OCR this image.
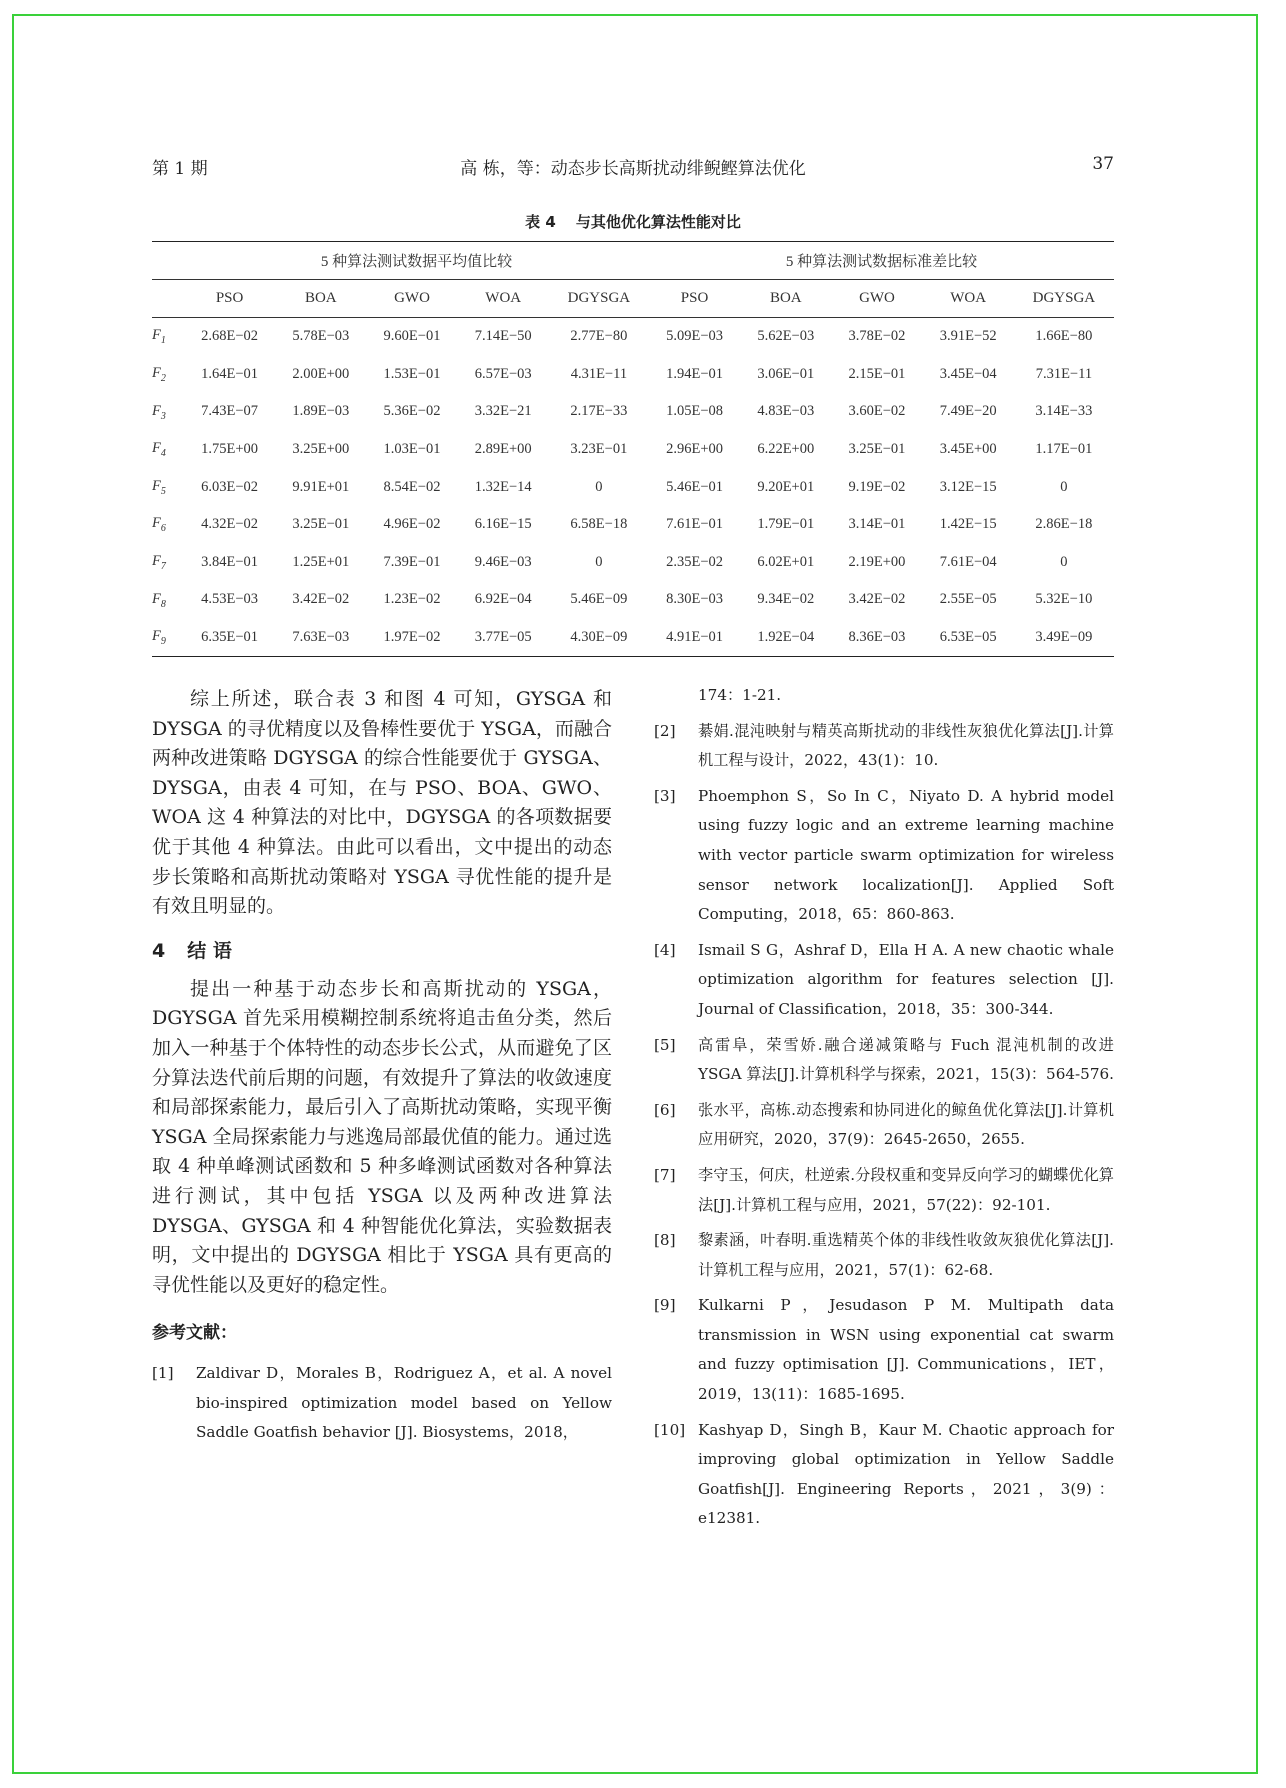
第 1 期	高 栋，等：动态步长高斯扰动绯鲵鲣算法优化	37
表 4 与其他优化算法性能对比
	5 种算法测试数据平均值比较					5 种算法测试数据标准差比较				
	PSO	BOA	GWO	WOA	DGYSGA	PSO	BOA	GWO	WOA	DGYSGA
$F_1$	2.68E−02	5.78E−03	9.60E−01	7.14E−50	2.77E−80	5.09E−03	5.62E−03	3.78E−02	3.91E−52	1.66E−80
$F_2$	1.64E−01	2.00E+00	1.53E−01	6.57E−03	4.31E−11	1.94E−01	3.06E−01	2.15E−01	3.45E−04	7.31E−11
$F_3$	7.43E−07	1.89E−03	5.36E−02	3.32E−21	2.17E−33	1.05E−08	4.83E−03	3.60E−02	7.49E−20	3.14E−33
$F_4$	1.75E+00	3.25E+00	1.03E−01	2.89E+00	3.23E−01	2.96E+00	6.22E+00	3.25E−01	3.45E+00	1.17E−01
$F_5$	6.03E−02	9.91E+01	8.54E−02	1.32E−14	0	5.46E−01	9.20E+01	9.19E−02	3.12E−15	0
$F_6$	4.32E−02	3.25E−01	4.96E−02	6.16E−15	6.58E−18	7.61E−01	1.79E−01	3.14E−01	1.42E−15	2.86E−18
$F_7$	3.84E−01	1.25E+01	7.39E−01	9.46E−03	0	2.35E−02	6.02E+01	2.19E+00	7.61E−04	0
$F_8$	4.53E−03	3.42E−02	1.23E−02	6.92E−04	5.46E−09	8.30E−03	9.34E−02	3.42E−02	2.55E−05	5.32E−10
$F_9$	6.35E−01	7.63E−03	1.97E−02	3.77E−05	4.30E−09	4.91E−01	1.92E−04	8.36E−03	6.53E−05	3.49E−09

综上所述，联合表 3 和图 4 可知，GYSGA 和 DYSGA 的寻优精度以及鲁棒性要优于 YSGA，而融合两种改进策略 DGYSGA 的综合性能要优于 GYSGA、DYSGA，由表 4 可知，在与 PSO、BOA、GWO、WOA 这 4 种算法的对比中，DGYSGA 的各项数据要优于其他 4 种算法。由此可以看出，文中提出的动态步长策略和高斯扰动策略对 YSGA 寻优性能的提升是有效且明显的。

4 结 语

提出一种基于动态步长和高斯扰动的 YSGA，DGYSGA 首先采用模糊控制系统将追击鱼分类，然后加入一种基于个体特性的动态步长公式，从而避免了区分算法迭代前后期的问题，有效提升了算法的收敛速度和局部探索能力，最后引入了高斯扰动策略，实现平衡 YSGA 全局探索能力与逃逸局部最优值的能力。通过选取 4 种单峰测试函数和 5 种多峰测试函数对各种算法进行测试，其中包括 YSGA 以及两种改进算法 DYSGA、GYSGA 和 4 种智能优化算法，实验数据表明，文中提出的 DGYSGA 相比于 YSGA 具有更高的寻优性能以及更好的稳定性。

参考文献：
[1] Zaldivar D，Morales B，Rodriguez A，et al. A novel bio-inspired optimization model based on Yellow Saddle Goatfish behavior [J]. Biosystems，2018，
174：1-21.
[2] 綦娟.混沌映射与精英高斯扰动的非线性灰狼优化算法[J].计算机工程与设计，2022，43(1)：10.
[3] Phoemphon S，So In C，Niyato D. A hybrid model using fuzzy logic and an extreme learning machine with vector particle swarm optimization for wireless sensor network localization[J]. Applied Soft Computing，2018，65：860-863.
[4] Ismail S G，Ashraf D，Ella H A. A new chaotic whale optimization algorithm for features selection [J]. Journal of Classification，2018，35：300-344.
[5] 高雷阜，荣雪娇.融合递减策略与 Fuch 混沌机制的改进 YSGA 算法[J].计算机科学与探索，2021，15(3)：564-576.
[6] 张水平，高栋.动态搜索和协同进化的鲸鱼优化算法[J].计算机应用研究，2020，37(9)：2645-2650，2655.
[7] 李守玉，何庆，杜逆索.分段权重和变异反向学习的蝴蝶优化算法[J].计算机工程与应用，2021，57(22)：92-101.
[8] 黎素涵，叶春明.重选精英个体的非线性收敛灰狼优化算法[J].计算机工程与应用，2021，57(1)：62-68.
[9] Kulkarni P，Jesudason P M. Multipath data transmission in WSN using exponential cat swarm and fuzzy optimisation [J]. Communications，IET，2019，13(11)：1685-1695.
[10] Kashyap D，Singh B，Kaur M. Chaotic approach for improving global optimization in Yellow Saddle Goatfish[J]. Engineering Reports，2021，3(9)：e12381.
